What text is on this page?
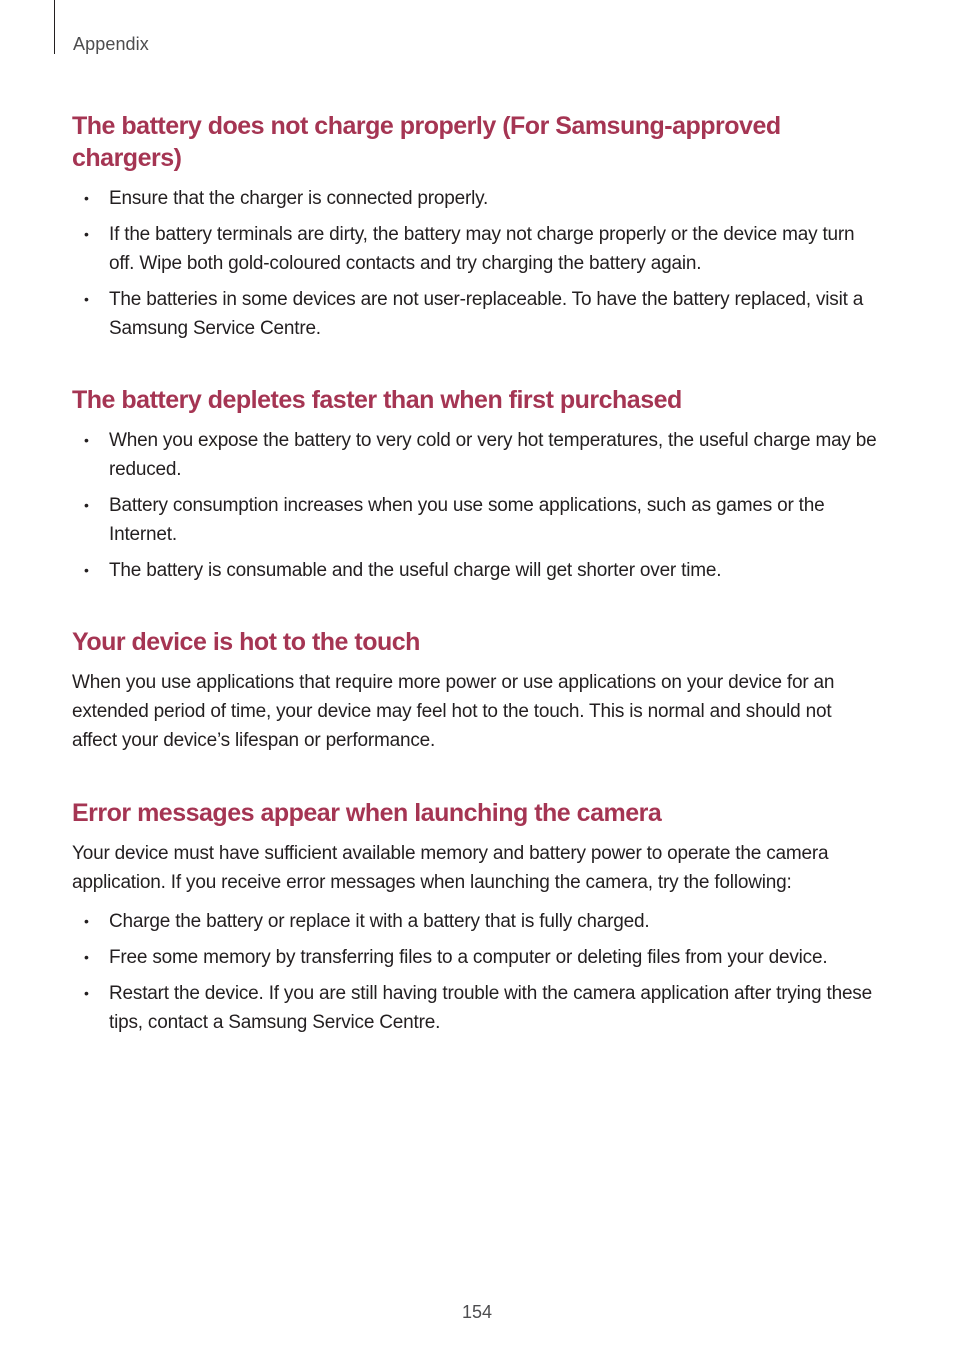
Appendix
The battery does not charge properly (For Samsung-approved chargers)
• Ensure that the charger is connected properly.
• If the battery terminals are dirty, the battery may not charge properly or the device may turn off. Wipe both gold-coloured contacts and try charging the battery again.
• The batteries in some devices are not user-replaceable. To have the battery replaced, visit a Samsung Service Centre.
The battery depletes faster than when first purchased
• When you expose the battery to very cold or very hot temperatures, the useful charge may be reduced.
• Battery consumption increases when you use some applications, such as games or the Internet.
• The battery is consumable and the useful charge will get shorter over time.
Your device is hot to the touch

When you use applications that require more power or use applications on your device for an extended period of time, your device may feel hot to the touch. This is normal and should not affect your device’s lifespan or performance.

Error messages appear when launching the camera

Your device must have sufficient available memory and battery power to operate the camera application. If you receive error messages when launching the camera, try the following:

• Charge the battery or replace it with a battery that is fully charged.
• Free some memory by transferring files to a computer or deleting files from your device.
• Restart the device. If you are still having trouble with the camera application after trying these tips, contact a Samsung Service Centre.
154
